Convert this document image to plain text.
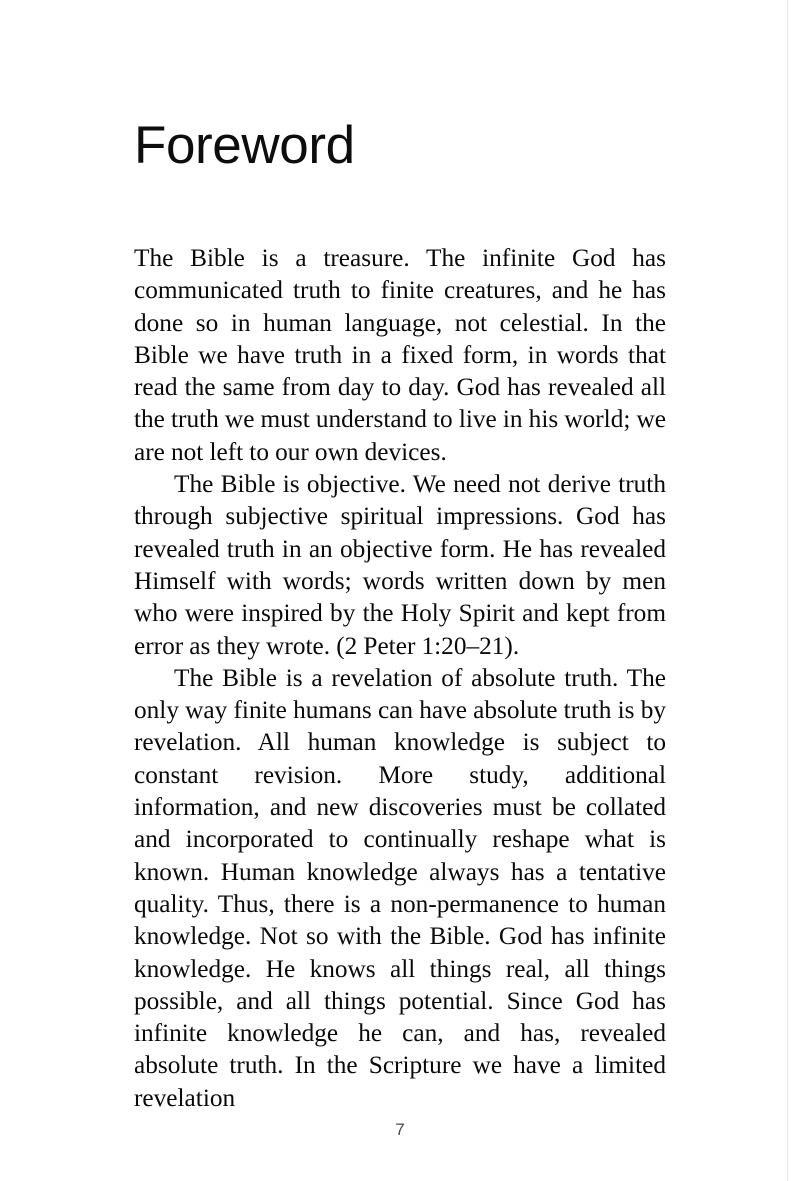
Foreword

The Bible is a treasure. The infinite God has communicated truth to finite creatures, and he has done so in human language, not celestial. In the Bible we have truth in a fixed form, in words that read the same from day to day. God has revealed all the truth we must understand to live in his world; we are not left to our own devices.

The Bible is objective. We need not derive truth through subjective spiritual impressions. God has revealed truth in an objective form. He has revealed Himself with words; words written down by men who were inspired by the Holy Spirit and kept from error as they wrote. (2 Peter 1:20–21).

The Bible is a revelation of absolute truth. The only way finite humans can have absolute truth is by revelation. All human knowledge is subject to constant revision. More study, additional information, and new discoveries must be collated and incorporated to continually reshape what is known. Human knowledge always has a tentative quality. Thus, there is a non-permanence to human knowledge. Not so with the Bible. God has infinite knowledge. He knows all things real, all things possible, and all things potential. Since God has infinite knowledge he can, and has, revealed absolute truth. In the Scripture we have a limited revelation

7
